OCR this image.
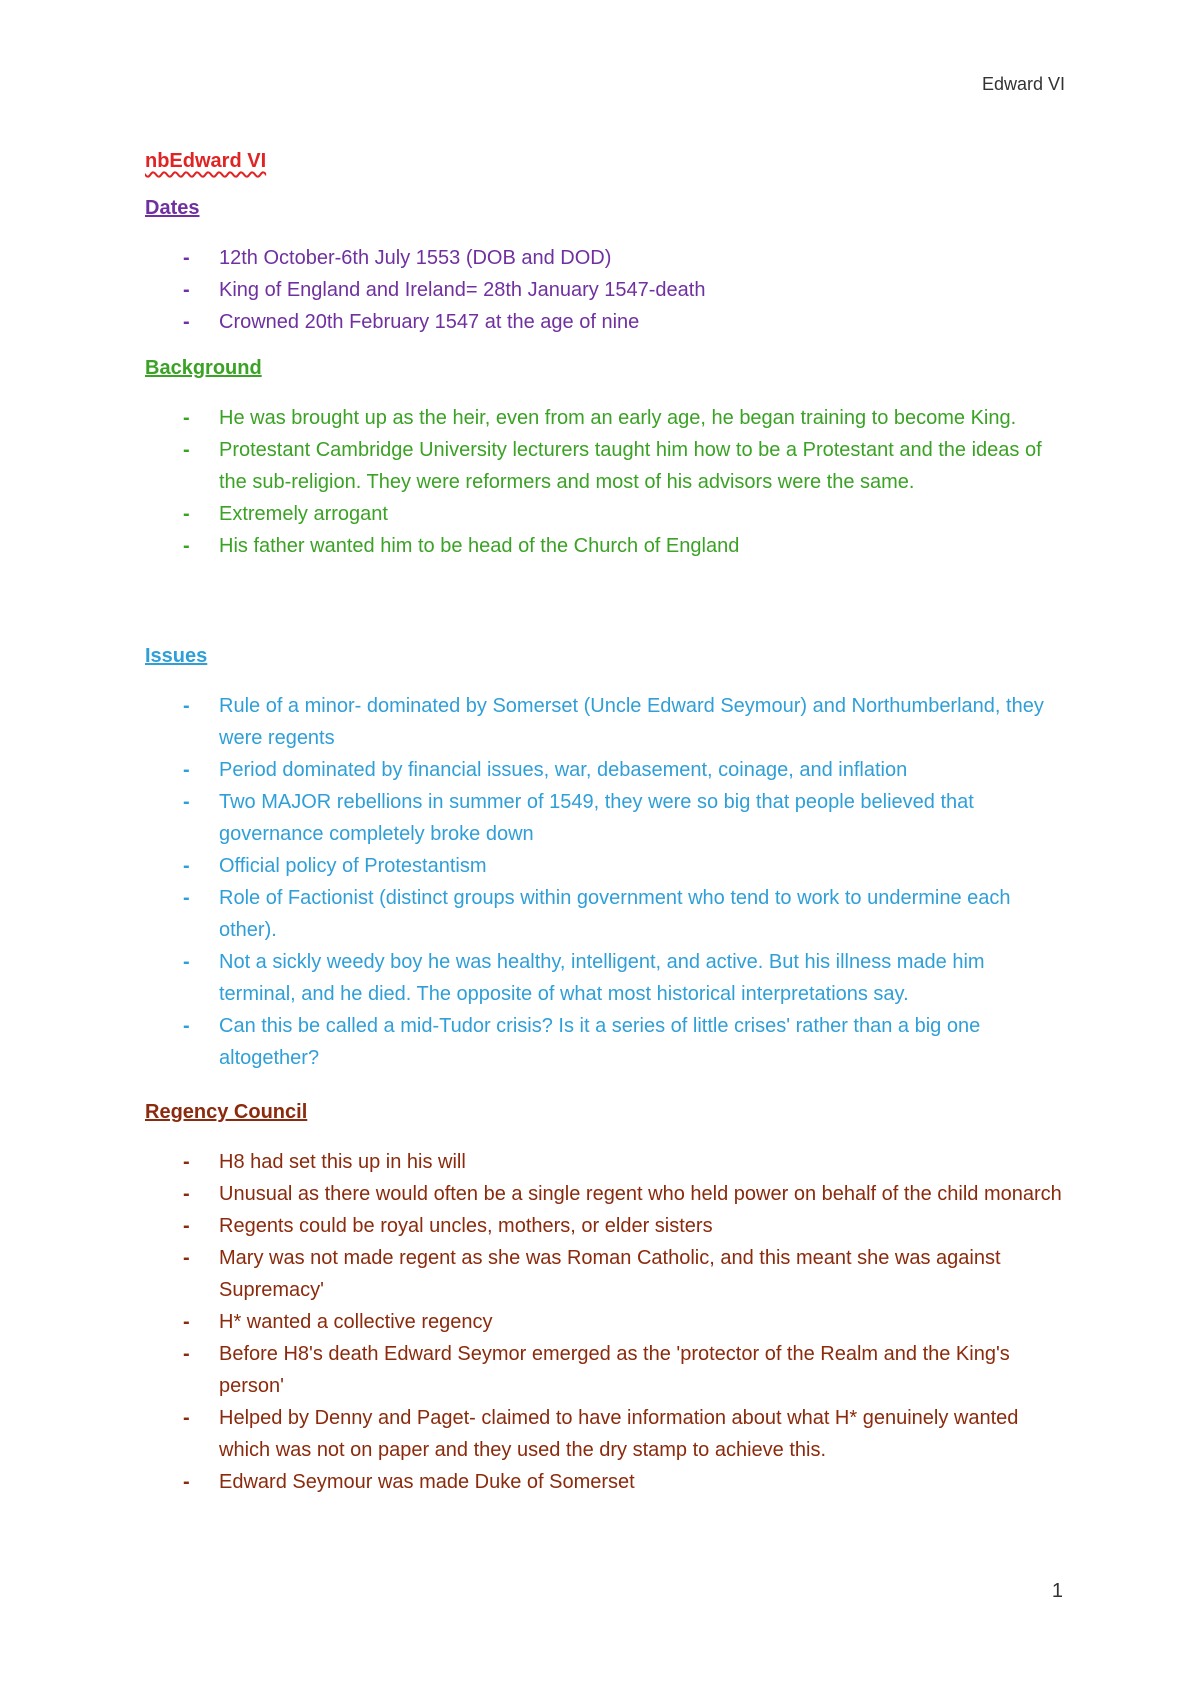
Edward VI
nbEdward VI
Dates
- 12th October-6th July 1553 (DOB and DOD)
- King of England and Ireland= 28th January 1547-death
- Crowned 20th February 1547 at the age of nine
Background
- He was brought up as the heir, even from an early age, he began training to become King.
- Protestant Cambridge University lecturers taught him how to be a Protestant and the ideas of the sub-religion. They were reformers and most of his advisors were the same.
- Extremely arrogant
- His father wanted him to be head of the Church of England
Issues
- Rule of a minor- dominated by Somerset (Uncle Edward Seymour) and Northumberland, they were regents
- Period dominated by financial issues, war, debasement, coinage, and inflation
- Two MAJOR rebellions in summer of 1549, they were so big that people believed that governance completely broke down
- Official policy of Protestantism
- Role of Factionist (distinct groups within government who tend to work to undermine each other).
- Not a sickly weedy boy he was healthy, intelligent, and active. But his illness made him terminal, and he died. The opposite of what most historical interpretations say.
- Can this be called a mid-Tudor crisis? Is it a series of little crises' rather than a big one altogether?
Regency Council
- H8 had set this up in his will
- Unusual as there would often be a single regent who held power on behalf of the child monarch
- Regents could be royal uncles, mothers, or elder sisters
- Mary was not made regent as she was Roman Catholic, and this meant she was against Supremacy'
- H* wanted a collective regency
- Before H8's death Edward Seymor emerged as the 'protector of the Realm and the King's person'
- Helped by Denny and Paget- claimed to have information about what H* genuinely wanted which was not on paper and they used the dry stamp to achieve this.
- Edward Seymour was made Duke of Somerset
1
